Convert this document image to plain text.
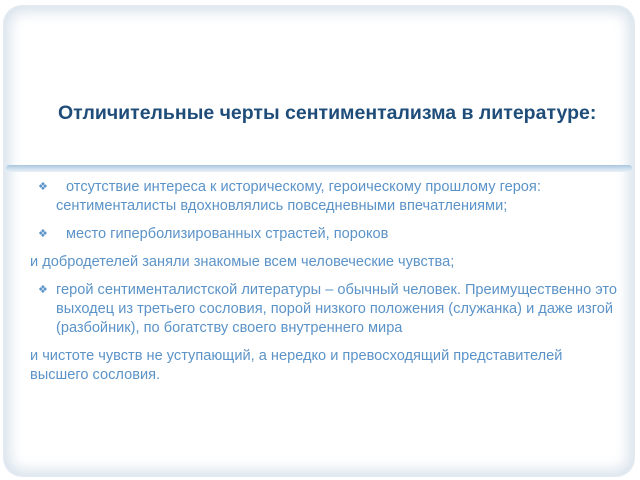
Отличительные черты сентиментализма в литературе:

❖ отсутствие интереса к историческому, героическому прошлому героя: сентименталисты вдохновлялись повседневными впечатлениями;

❖ место гиперболизированных страстей, пороков

и добродетелей заняли знакомые всем человеческие чувства;

❖ герой сентименталистской литературы – обычный человек. Преимущественно это выходец из третьего сословия, порой низкого положения (служанка) и даже изгой (разбойник), по богатству своего внутреннего мира

и чистоте чувств не уступающий, а нередко и превосходящий представителей высшего сословия.
